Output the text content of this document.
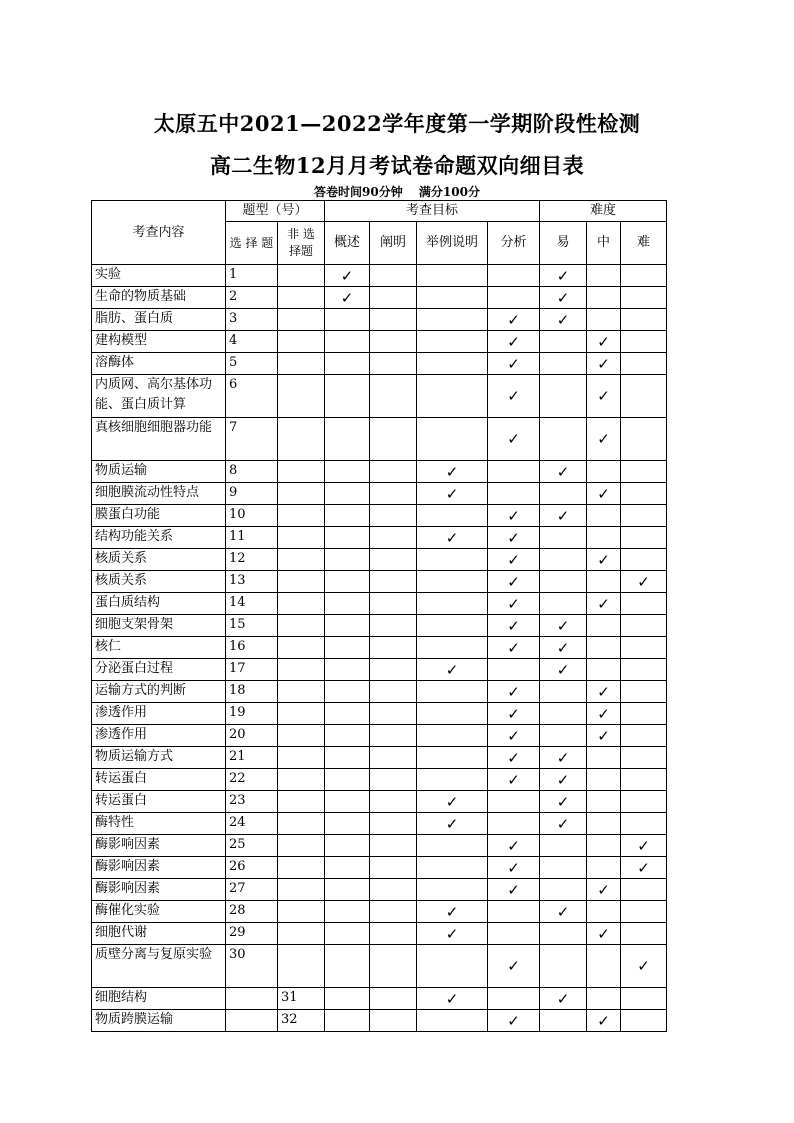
太原五中2021—2022学年度第一学期阶段性检测
高二生物12月月考试卷命题双向细目表
答卷时间90分钟 满分100分
考查内容	题型（号）		考查目标				难度		
	选 择 题	非 选 择题	概述	阐明	举例说明	分析	易	中	难
实验	1		✓				✓		
生命的物质基础	2		✓				✓		
脂肪、蛋白质	3					✓	✓		
建构模型	4					✓		✓	
溶酶体	5					✓		✓	
内质网、高尔基体功能、蛋白质计算	6					✓		✓	
真核细胞细胞器功能	7					✓		✓	
物质运输	8				✓		✓		
细胞膜流动性特点	9				✓			✓	
膜蛋白功能	10					✓	✓		
结构功能关系	11				✓	✓			
核质关系	12					✓		✓	
核质关系	13					✓			✓
蛋白质结构	14					✓		✓	
细胞支架骨架	15					✓	✓		
核仁	16					✓	✓		
分泌蛋白过程	17				✓		✓		
运输方式的判断	18					✓		✓	
渗透作用	19					✓		✓	
渗透作用	20					✓		✓	
物质运输方式	21					✓	✓		
转运蛋白	22					✓	✓		
转运蛋白	23				✓		✓		
酶特性	24				✓		✓		
酶影响因素	25					✓			✓
酶影响因素	26					✓			✓
酶影响因素	27					✓		✓	
酶催化实验	28				✓		✓		
细胞代谢	29				✓			✓	
质壁分离与复原实验	30					✓			✓
细胞结构		31			✓		✓		
物质跨膜运输		32				✓		✓	
